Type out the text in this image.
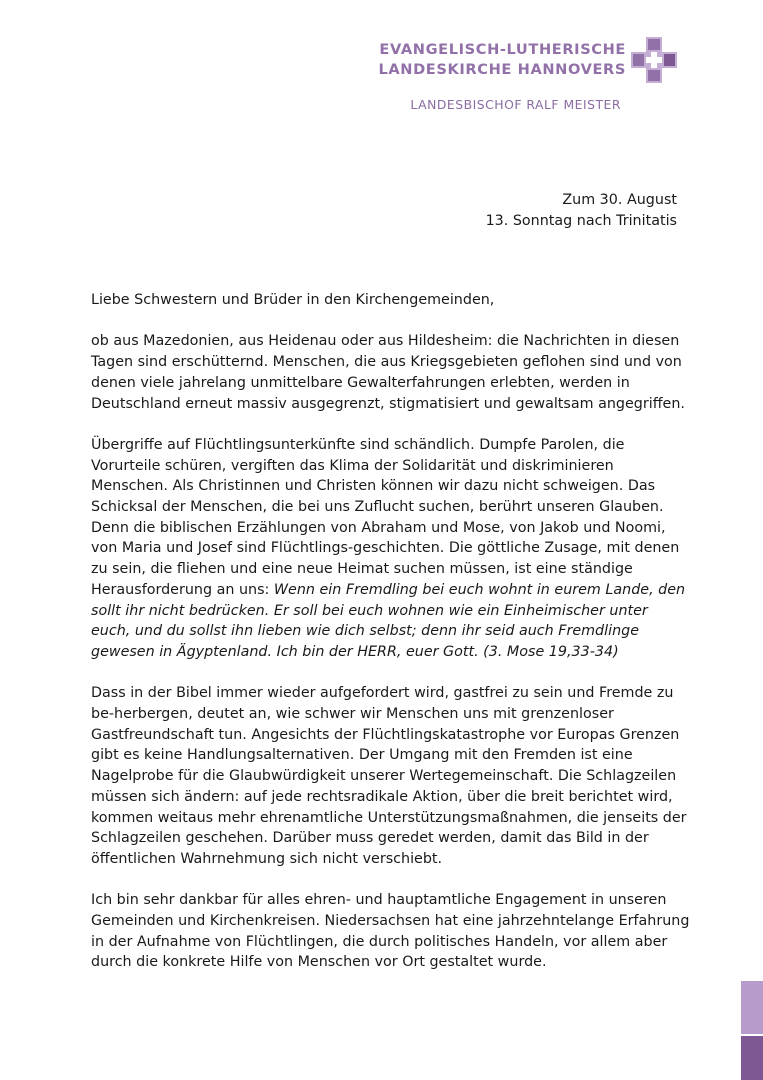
EVANGELISCH-LUTHERISCHE
LANDESKIRCHE HANNOVERS
LANDESBISCHOF RALF MEISTER
Zum 30. August
13. Sonntag nach Trinitatis

Liebe Schwestern und Brüder in den Kirchengemeinden,

ob aus Mazedonien, aus Heidenau oder aus Hildesheim: die Nachrichten in diesen Tagen sind erschütternd. Menschen, die aus Kriegsgebieten geflohen sind und von denen viele jahrelang unmittelbare Gewalterfahrungen erlebten, werden in Deutschland erneut massiv ausgegrenzt, stigmatisiert und gewaltsam angegriffen.

Übergriffe auf Flüchtlingsunterkünfte sind schändlich. Dumpfe Parolen, die Vorurteile schüren, vergiften das Klima der Solidarität und diskriminieren Menschen. Als Christinnen und Christen können wir dazu nicht schweigen. Das Schicksal der Menschen, die bei uns Zuflucht suchen, berührt unseren Glauben. Denn die biblischen Erzählungen von Abraham und Mose, von Jakob und Noomi, von Maria und Josef sind Flüchtlings-geschichten. Die göttliche Zusage, mit denen zu sein, die fliehen und eine neue Heimat suchen müssen, ist eine ständige Herausforderung an uns: Wenn ein Fremdling bei euch wohnt in eurem Lande, den sollt ihr nicht bedrücken. Er soll bei euch wohnen wie ein Einheimischer unter euch, und du sollst ihn lieben wie dich selbst; denn ihr seid auch Fremdlinge gewesen in Ägyptenland. Ich bin der HERR, euer Gott. (3. Mose 19,33-34)

Dass in der Bibel immer wieder aufgefordert wird, gastfrei zu sein und Fremde zu be-herbergen, deutet an, wie schwer wir Menschen uns mit grenzenloser Gastfreundschaft tun. Angesichts der Flüchtlingskatastrophe vor Europas Grenzen gibt es keine Handlungsalternativen. Der Umgang mit den Fremden ist eine Nagelprobe für die Glaubwürdigkeit unserer Wertegemeinschaft. Die Schlagzeilen müssen sich ändern: auf jede rechtsradikale Aktion, über die breit berichtet wird, kommen weitaus mehr ehrenamtliche Unterstützungsmaßnahmen, die jenseits der Schlagzeilen geschehen. Darüber muss geredet werden, damit das Bild in der öffentlichen Wahrnehmung sich nicht verschiebt.

Ich bin sehr dankbar für alles ehren- und hauptamtliche Engagement in unseren Gemeinden und Kirchenkreisen. Niedersachsen hat eine jahrzehntelange Erfahrung in der Aufnahme von Flüchtlingen, die durch politisches Handeln, vor allem aber durch die konkrete Hilfe von Menschen vor Ort gestaltet wurde.
